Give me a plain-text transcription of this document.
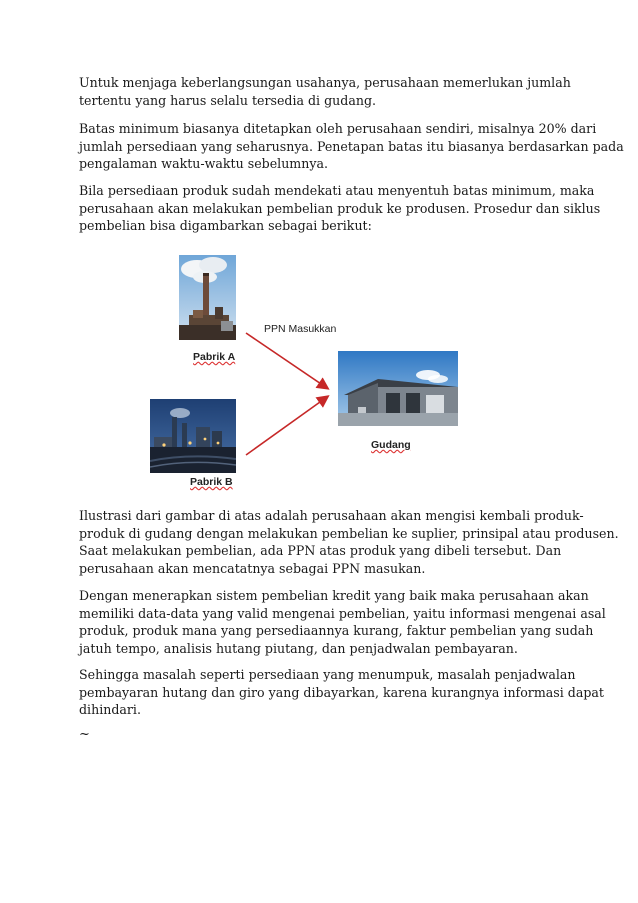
Untuk menjaga keberlangsungan usahanya, perusahaan memerlukan jumlah
tertentu yang harus selalu tersedia di gudang.

Batas minimum biasanya ditetapkan oleh perusahaan sendiri, misalnya 20% dari
jumlah persediaan yang seharusnya. Penetapan batas itu biasanya berdasarkan pada
pengalaman waktu-waktu sebelumnya.

Bila persediaan produk sudah mendekati atau menyentuh batas minimum, maka
perusahaan akan melakukan pembelian produk ke produsen. Prosedur dan siklus
pembelian bisa digambarkan sebagai berikut:

Pabrik A
Pabrik B
Gudang
PPN Masukkan

Ilustrasi dari gambar di atas adalah perusahaan akan mengisi kembali produk-
produk di gudang dengan melakukan pembelian ke suplier, prinsipal atau produsen.
Saat melakukan pembelian, ada PPN atas produk yang dibeli tersebut. Dan
perusahaan akan mencatatnya sebagai PPN masukan.

Dengan menerapkan sistem pembelian kredit yang baik maka perusahaan akan
memiliki data-data yang valid mengenai pembelian, yaitu informasi mengenai asal
produk, produk mana yang persediaannya kurang, faktur pembelian yang sudah
jatuh tempo, analisis hutang piutang, dan penjadwalan pembayaran.

Sehingga masalah seperti persediaan yang menumpuk, masalah penjadwalan
pembayaran hutang dan giro yang dibayarkan, karena kurangnya informasi dapat
dihindari.

~
